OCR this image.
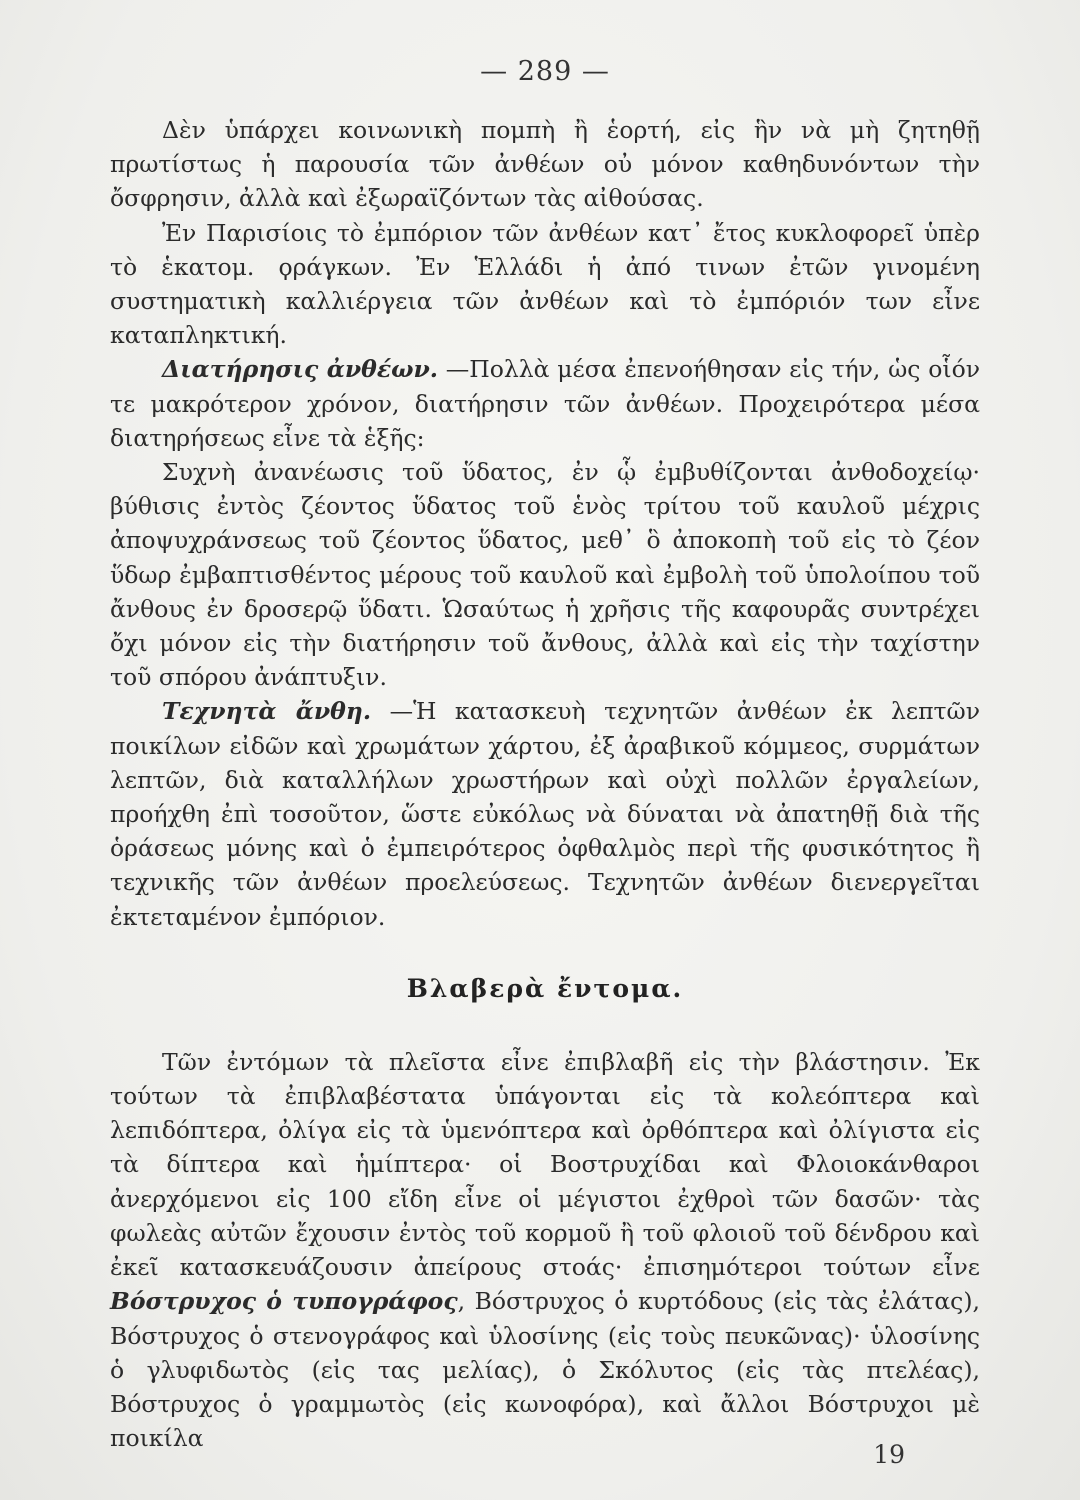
— 289 —

Δὲν ὑπάρχει κοινωνικὴ πομπὴ ἢ ἑορτή, εἰς ἣν νὰ μὴ ζητηθῇ πρωτίστως ἡ παρουσία τῶν ἀνθέων οὐ μόνον καθηδυνόντων τὴν ὄσφρησιν, ἀλλὰ καὶ ἐξωραϊζόντων τὰς αἰθούσας.

Ἐν Παρισίοις τὸ ἐμπόριον τῶν ἀνθέων κατ᾽ ἔτος κυκλοφορεῖ ὑπὲρ τὸ ἑκατομ. ϙράγκων. Ἐν Ἑλλάδι ἡ ἀπό τινων ἐτῶν γινομένη συστηματικὴ καλλιέργεια τῶν ἀνθέων καὶ τὸ ἐμπόριόν των εἶνε καταπληκτική.

Διατήρησις ἀνθέων. —Πολλὰ μέσα ἐπενοήθησαν εἰς τήν, ὡς οἷόν τε μακρότερον χρόνον, διατήρησιν τῶν ἀνθέων. Προχειρότερα μέσα διατηρήσεως εἶνε τὰ ἑξῆς:

Συχνὴ ἀνανέωσις τοῦ ὕδατος, ἐν ᾧ ἐμβυθίζονται ἀνθοδοχείῳ· βύθισις ἐντὸς ζέοντος ὕδατος τοῦ ἑνὸς τρίτου τοῦ καυλοῦ μέχρις ἀποψυχράνσεως τοῦ ζέοντος ὕδατος, μεθ᾽ ὃ ἀποκοπὴ τοῦ εἰς τὸ ζέον ὕδωρ ἐμβαπτισθέντος μέρους τοῦ καυλοῦ καὶ ἐμβολὴ τοῦ ὑπολοίπου τοῦ ἄνθους ἐν δροσερῷ ὕδατι. Ὡσαύτως ἡ χρῆσις τῆς καφουρᾶς συντρέχει ὄχι μόνον εἰς τὴν διατήρησιν τοῦ ἄνθους, ἀλλὰ καὶ εἰς τὴν ταχίστην τοῦ σπόρου ἀνάπτυξιν.

Τεχνητὰ ἄνθη. —Ἡ κατασκευὴ τεχνητῶν ἀνθέων ἐκ λεπτῶν ποικίλων εἰδῶν καὶ χρωμάτων χάρτου, ἐξ ἀραβικοῦ κόμμεος, συρμάτων λεπτῶν, διὰ καταλλήλων χρωστήρων καὶ οὐχὶ πολλῶν ἐργαλείων, προήχθη ἐπὶ τοσοῦτον, ὥστε εὐκόλως νὰ δύναται νὰ ἀπατηθῇ διὰ τῆς ὁράσεως μόνης καὶ ὁ ἐμπειρότερος ὀφθαλμὸς περὶ τῆς φυσικότητος ἢ τεχνικῆς τῶν ἀνθέων προελεύσεως. Τεχνητῶν ἀνθέων διενεργεῖται ἐκτεταμένον ἐμπόριον.

Βλαβερὰ ἔντομα.

Τῶν ἐντόμων τὰ πλεῖστα εἶνε ἐπιβλαβῆ εἰς τὴν βλάστησιν. Ἐκ τούτων τὰ ἐπιβλαβέστατα ὑπάγονται εἰς τὰ κολεόπτερα καὶ λεπιδόπτερα, ὀλίγα εἰς τὰ ὑμενόπτερα καὶ ὀρθόπτερα καὶ ὀλίγιστα εἰς τὰ δίπτερα καὶ ἡμίπτερα· οἱ Βοστρυχίδαι καὶ Φλοιοκάνθαροι ἀνερχόμενοι εἰς 100 εἴδη εἶνε οἱ μέγιστοι ἐχθροὶ τῶν δασῶν· τὰς φωλεὰς αὐτῶν ἔχουσιν ἐντὸς τοῦ κορμοῦ ἢ τοῦ φλοιοῦ τοῦ δένδρου καὶ ἐκεῖ κατασκευάζουσιν ἀπείρους στοάς· ἐπισημότεροι τούτων εἶνε Βόστρυχος ὁ τυπογράφος, Βόστρυχος ὁ κυρτόδους (εἰς τὰς ἐλάτας), Βόστρυχος ὁ στενογράφος καὶ ὑλοσίνης (εἰς τοὺς πευκῶνας)· ὑλοσίνης ὁ γλυφιδωτὸς (εἰς τας μελίας), ὁ Σκόλυτος (εἰς τὰς πτελέας), Βόστρυχος ὁ γραμμωτὸς (εἰς κωνοφόρα), καὶ ἄλλοι Βόστρυχοι μὲ ποικίλα

19
